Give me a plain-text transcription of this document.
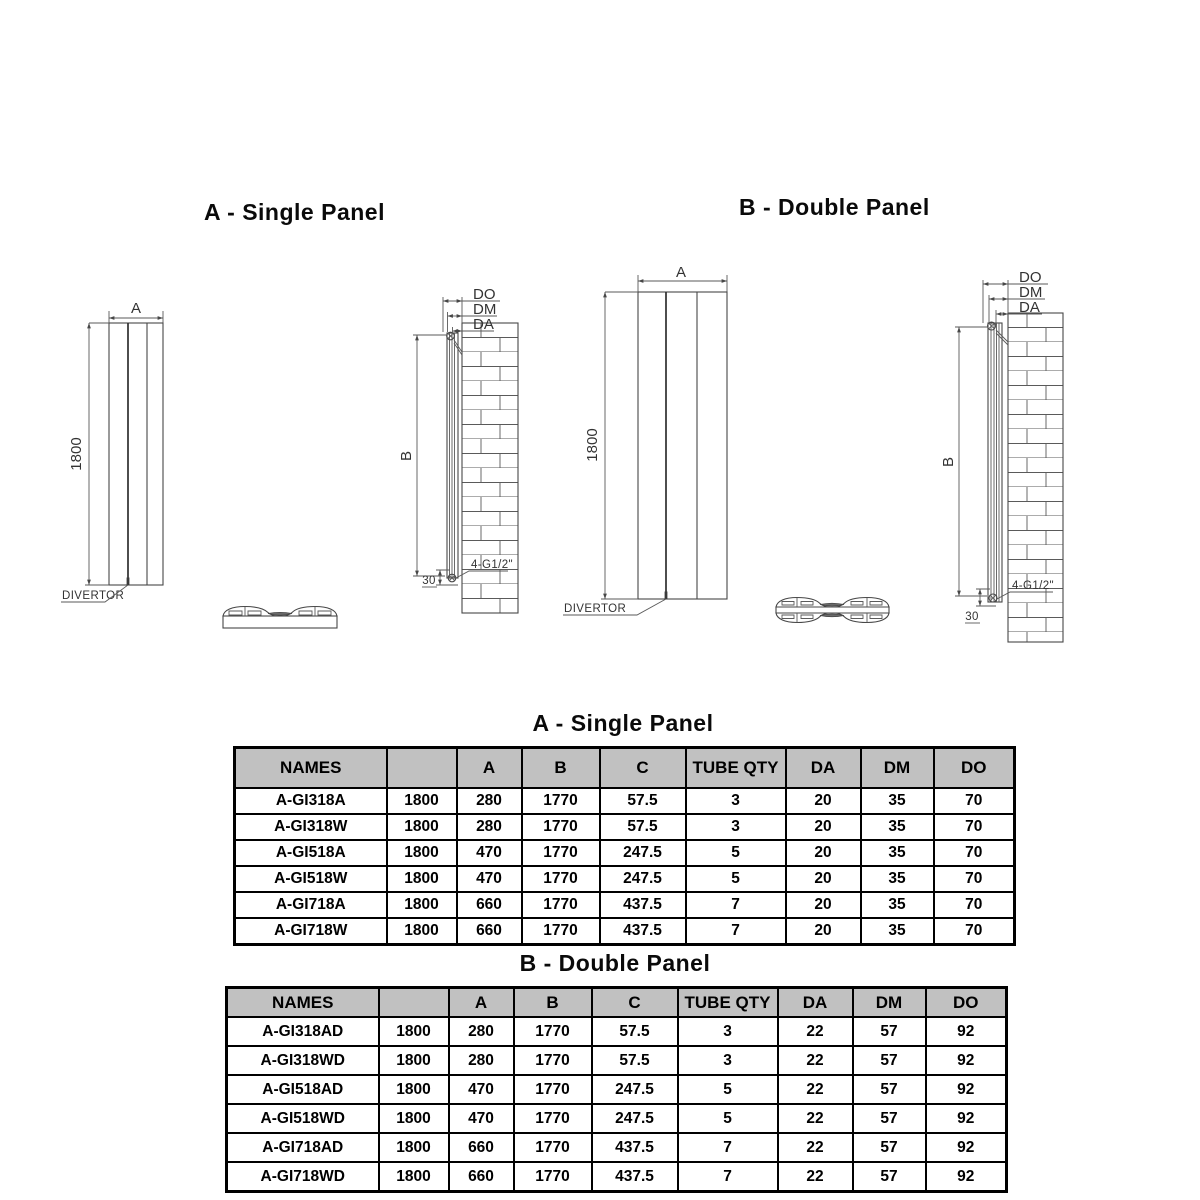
A - Single Panel	B - Double Panel
A
1800
DIVERTOR
DO
DM
DA
B
30
4-G1/2"
A
1800
DIVERTOR
DO
DM
DA
B
30
4-G1/2"
A - Single Panel
NAMES		A	B	C	TUBE QTY	DA	DM	DO
A-GI318A	1800	280	1770	57.5	3	20	35	70
A-GI318W	1800	280	1770	57.5	3	20	35	70
A-GI518A	1800	470	1770	247.5	5	20	35	70
A-GI518W	1800	470	1770	247.5	5	20	35	70
A-GI718A	1800	660	1770	437.5	7	20	35	70
A-GI718W	1800	660	1770	437.5	7	20	35	70
B - Double Panel
NAMES		A	B	C	TUBE QTY	DA	DM	DO
A-GI318AD	1800	280	1770	57.5	3	22	57	92
A-GI318WD	1800	280	1770	57.5	3	22	57	92
A-GI518AD	1800	470	1770	247.5	5	22	57	92
A-GI518WD	1800	470	1770	247.5	5	22	57	92
A-GI718AD	1800	660	1770	437.5	7	22	57	92
A-GI718WD	1800	660	1770	437.5	7	22	57	92
